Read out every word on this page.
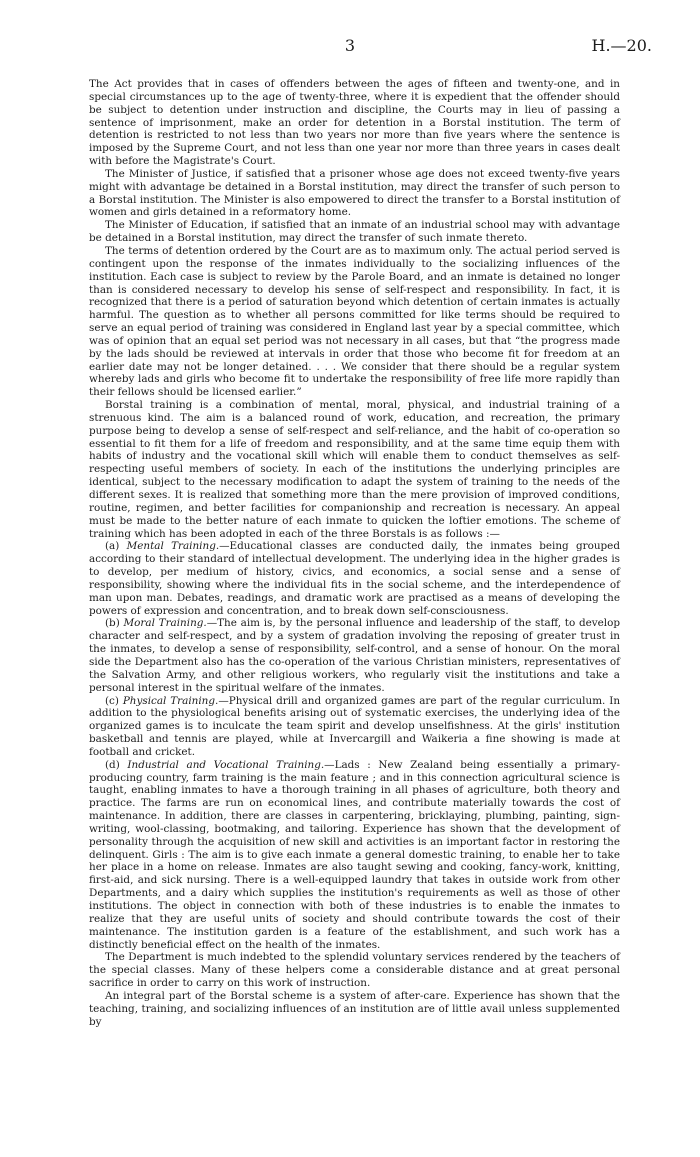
3	H.—20.

The Act provides that in cases of offenders between the ages of fifteen and twenty-one, and in special circumstances up to the age of twenty-three, where it is expedient that the offender should be subject to detention under instruction and discipline, the Courts may in lieu of passing a sentence of imprisonment, make an order for detention in a Borstal institution. The term of detention is restricted to not less than two years nor more than five years where the sentence is imposed by the Supreme Court, and not less than one year nor more than three years in cases dealt with before the Magistrate's Court.

The Minister of Justice, if satisfied that a prisoner whose age does not exceed twenty-five years might with advantage be detained in a Borstal institution, may direct the transfer of such person to a Borstal institution. The Minister is also empowered to direct the transfer to a Borstal institution of women and girls detained in a reformatory home.

The Minister of Education, if satisfied that an inmate of an industrial school may with advantage be detained in a Borstal institution, may direct the transfer of such inmate thereto.

The terms of detention ordered by the Court are as to maximum only. The actual period served is contingent upon the response of the inmates individually to the socializing influences of the institution. Each case is subject to review by the Parole Board, and an inmate is detained no longer than is considered necessary to develop his sense of self-respect and responsibility. In fact, it is recognized that there is a period of saturation beyond which detention of certain inmates is actually harmful. The question as to whether all persons committed for like terms should be required to serve an equal period of training was considered in England last year by a special committee, which was of opinion that an equal set period was not necessary in all cases, but that “the progress made by the lads should be reviewed at intervals in order that those who become fit for freedom at an earlier date may not be longer detained. . . . We consider that there should be a regular system whereby lads and girls who become fit to undertake the responsibility of free life more rapidly than their fellows should be licensed earlier.”

Borstal training is a combination of mental, moral, physical, and industrial training of a strenuous kind. The aim is a balanced round of work, education, and recreation, the primary purpose being to develop a sense of self-respect and self-reliance, and the habit of co-operation so essential to fit them for a life of freedom and responsibility, and at the same time equip them with habits of industry and the vocational skill which will enable them to conduct themselves as self-respecting useful members of society. In each of the institutions the underlying principles are identical, subject to the necessary modification to adapt the system of training to the needs of the different sexes. It is realized that something more than the mere provision of improved conditions, routine, regimen, and better facilities for companionship and recreation is necessary. An appeal must be made to the better nature of each inmate to quicken the loftier emotions. The scheme of training which has been adopted in each of the three Borstals is as follows :—

(a) Mental Training.—Educational classes are conducted daily, the inmates being grouped according to their standard of intellectual development. The underlying idea in the higher grades is to develop, per medium of history, civics, and economics, a social sense and a sense of responsibility, showing where the individual fits in the social scheme, and the interdependence of man upon man. Debates, readings, and dramatic work are practised as a means of developing the powers of expression and concentration, and to break down self-consciousness.

(b) Moral Training.—The aim is, by the personal influence and leadership of the staff, to develop character and self-respect, and by a system of gradation involving the reposing of greater trust in the inmates, to develop a sense of responsibility, self-control, and a sense of honour. On the moral side the Department also has the co-operation of the various Christian ministers, representatives of the Salvation Army, and other religious workers, who regularly visit the institutions and take a personal interest in the spiritual welfare of the inmates.

(c) Physical Training.—Physical drill and organized games are part of the regular curriculum. In addition to the physiological benefits arising out of systematic exercises, the underlying idea of the organized games is to inculcate the team spirit and develop unselfishness. At the girls' institution basketball and tennis are played, while at Invercargill and Waikeria a fine showing is made at football and cricket.

(d) Industrial and Vocational Training.—Lads : New Zealand being essentially a primary-producing country, farm training is the main feature ; and in this connection agricultural science is taught, enabling inmates to have a thorough training in all phases of agriculture, both theory and practice. The farms are run on economical lines, and contribute materially towards the cost of maintenance. In addition, there are classes in carpentering, bricklaying, plumbing, painting, sign-writing, wool-classing, bootmaking, and tailoring. Experience has shown that the development of personality through the acquisition of new skill and activities is an important factor in restoring the delinquent. Girls : The aim is to give each inmate a general domestic training, to enable her to take her place in a home on release. Inmates are also taught sewing and cooking, fancy-work, knitting, first-aid, and sick nursing. There is a well-equipped laundry that takes in outside work from other Departments, and a dairy which supplies the institution's requirements as well as those of other institutions. The object in connection with both of these industries is to enable the inmates to realize that they are useful units of society and should contribute towards the cost of their maintenance. The institution garden is a feature of the establishment, and such work has a distinctly beneficial effect on the health of the inmates.

The Department is much indebted to the splendid voluntary services rendered by the teachers of the special classes. Many of these helpers come a considerable distance and at great personal sacrifice in order to carry on this work of instruction.

An integral part of the Borstal scheme is a system of after-care. Experience has shown that the teaching, training, and socializing influences of an institution are of little avail unless supplemented by
